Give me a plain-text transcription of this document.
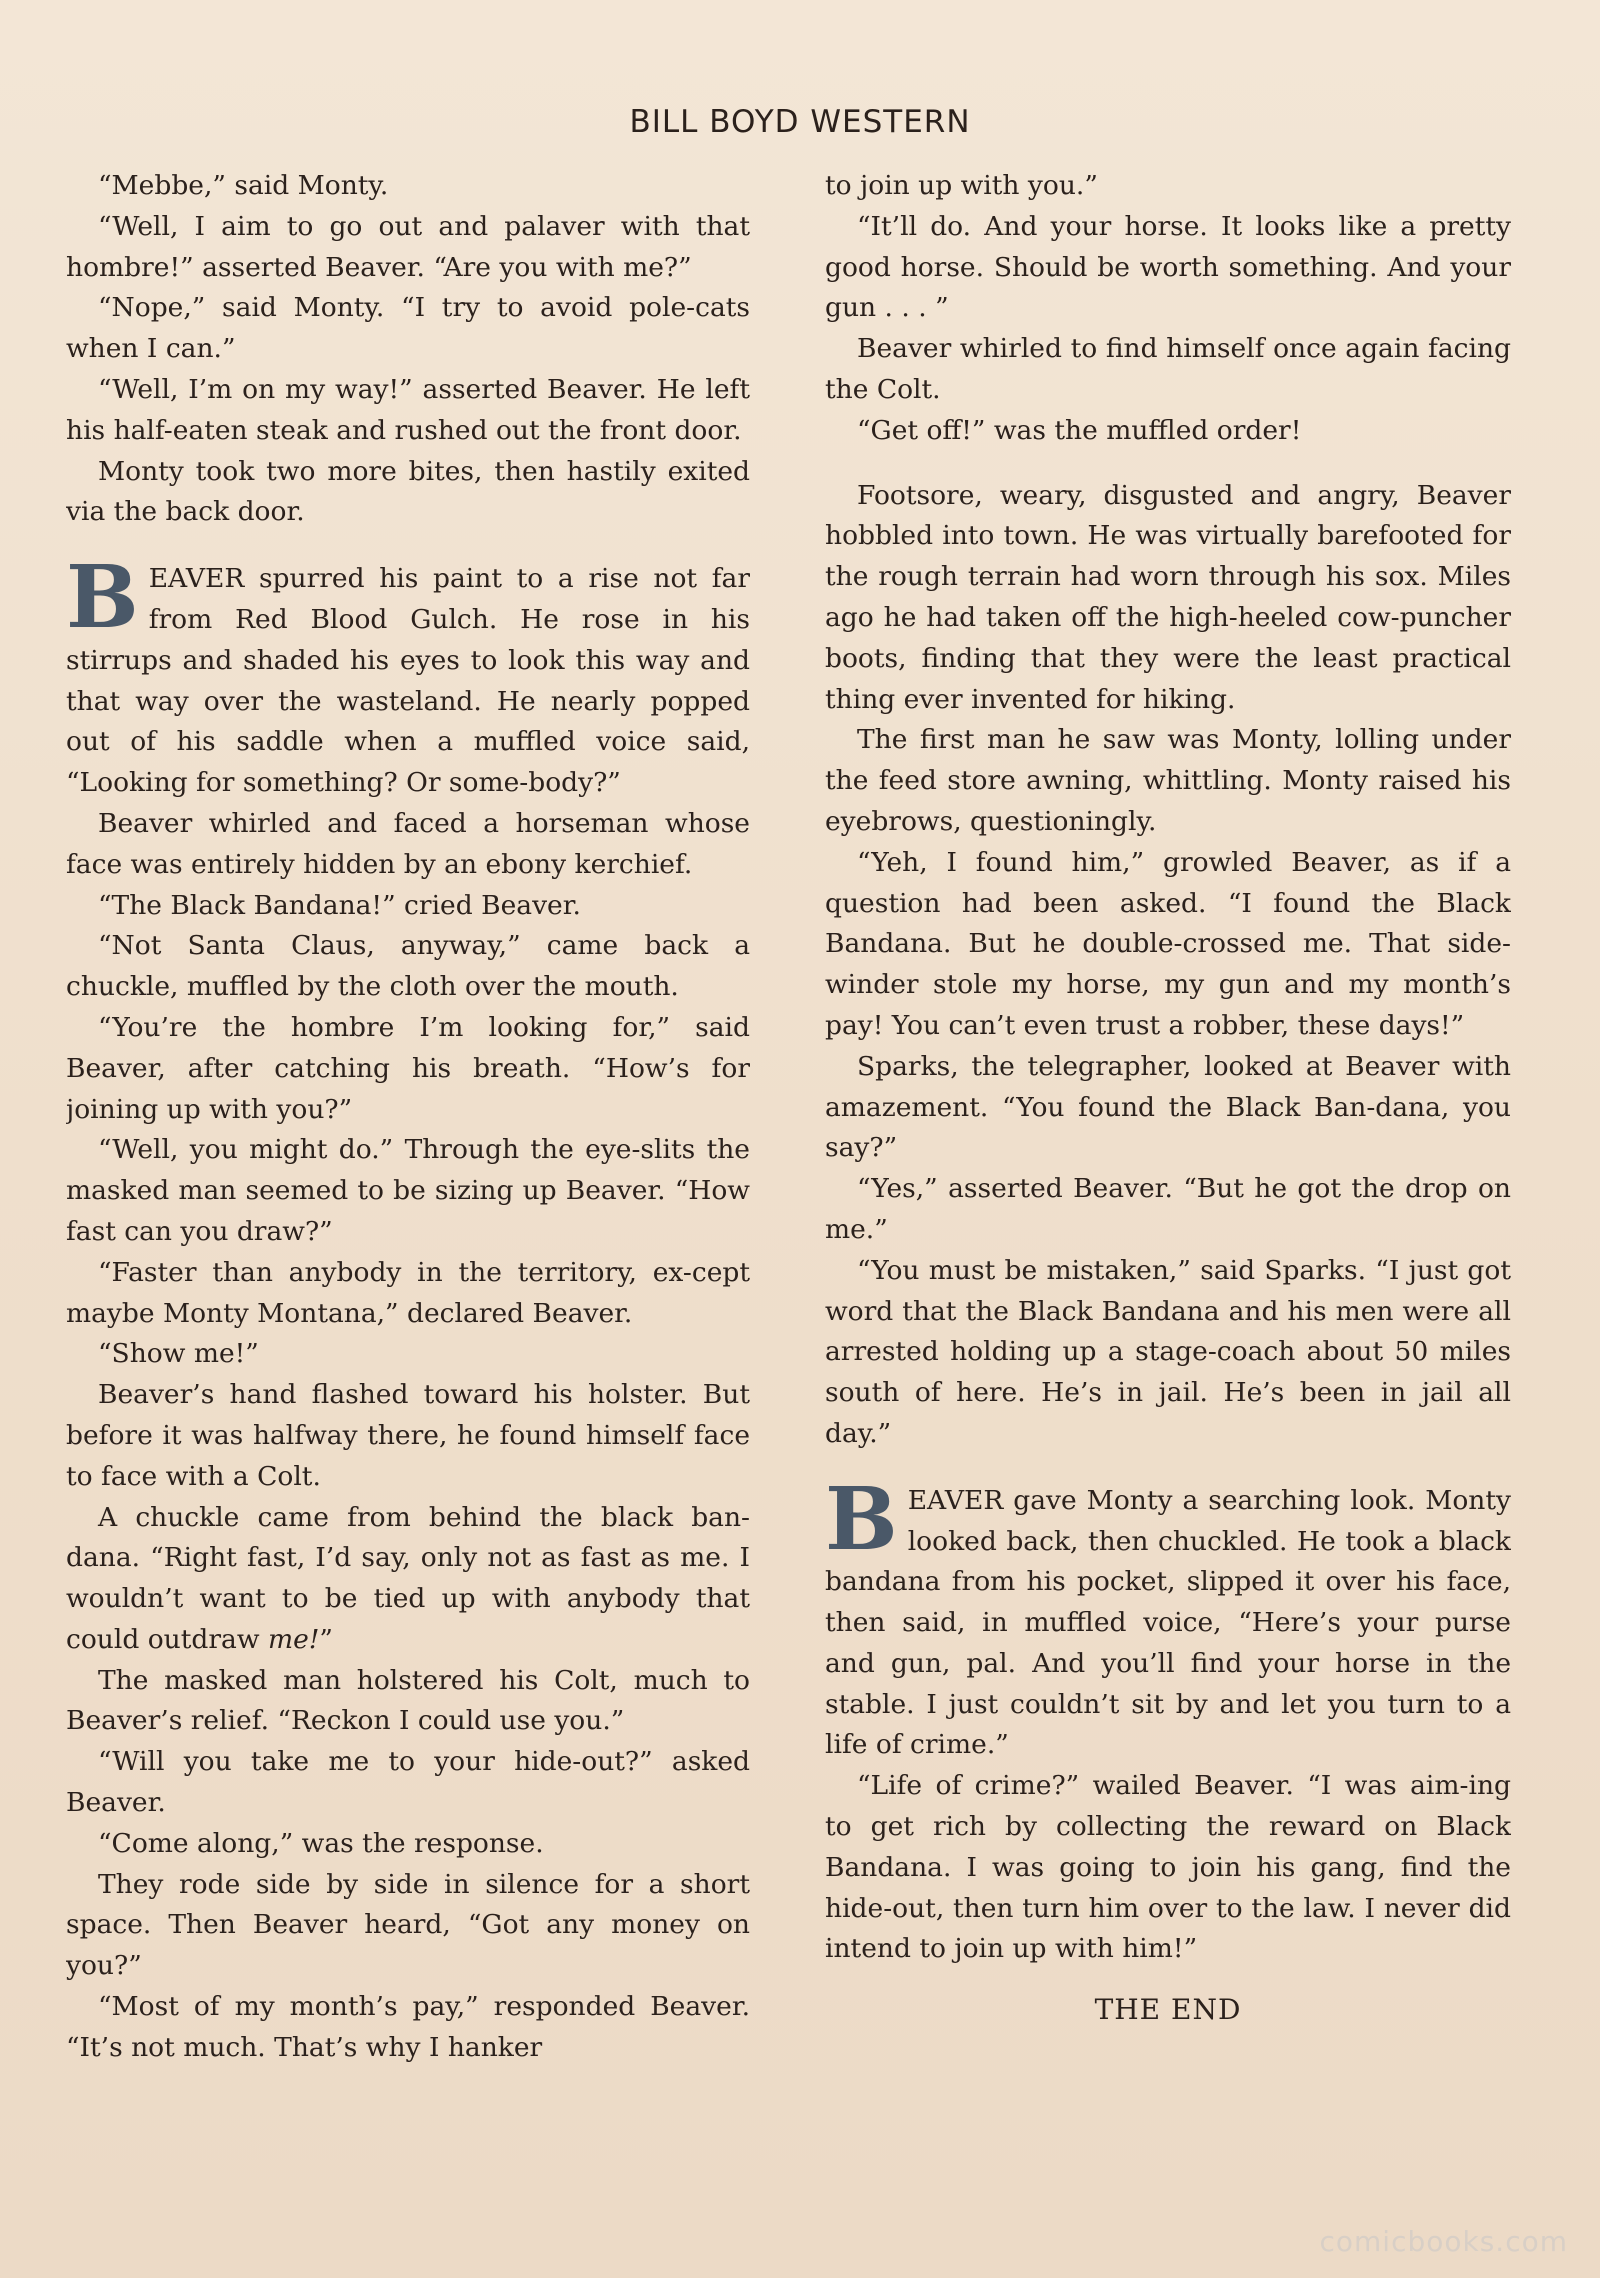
BILL BOYD WESTERN

“Mebbe,” said Monty.

“Well, I aim to go out and palaver with that hombre!” asserted Beaver. “Are you with me?”

“Nope,” said Monty. “I try to avoid pole-cats when I can.”

“Well, I’m on my way!” asserted Beaver. He left his half-eaten steak and rushed out the front door.

Monty took two more bites, then hastily exited via the back door.

BEAVER spurred his paint to a rise not far from Red Blood Gulch. He rose in his stirrups and shaded his eyes to look this way and that way over the wasteland. He nearly popped out of his saddle when a muffled voice said, “Looking for something? Or some-body?”

Beaver whirled and faced a horseman whose face was entirely hidden by an ebony kerchief.

“The Black Bandana!” cried Beaver.

“Not Santa Claus, anyway,” came back a chuckle, muffled by the cloth over the mouth.

“You’re the hombre I’m looking for,” said Beaver, after catching his breath. “How’s for joining up with you?”

“Well, you might do.” Through the eye-slits the masked man seemed to be sizing up Beaver. “How fast can you draw?”

“Faster than anybody in the territory, ex-cept maybe Monty Montana,” declared Beaver.

“Show me!”

Beaver’s hand flashed toward his holster. But before it was halfway there, he found himself face to face with a Colt.

A chuckle came from behind the black ban-dana. “Right fast, I’d say, only not as fast as me. I wouldn’t want to be tied up with anybody that could outdraw me!”

The masked man holstered his Colt, much to Beaver’s relief. “Reckon I could use you.”

“Will you take me to your hide-out?” asked Beaver.

“Come along,” was the response.

They rode side by side in silence for a short space. Then Beaver heard, “Got any money on you?”

“Most of my month’s pay,” responded Beaver. “It’s not much. That’s why I hanker

to join up with you.”

“It’ll do. And your horse. It looks like a pretty good horse. Should be worth something. And your gun . . . ”

Beaver whirled to find himself once again facing the Colt.

“Get off!” was the muffled order!

Footsore, weary, disgusted and angry, Beaver hobbled into town. He was virtually barefooted for the rough terrain had worn through his sox. Miles ago he had taken off the high-heeled cow-puncher boots, finding that they were the least practical thing ever invented for hiking.

The first man he saw was Monty, lolling under the feed store awning, whittling. Monty raised his eyebrows, questioningly.

“Yeh, I found him,” growled Beaver, as if a question had been asked. “I found the Black Bandana. But he double-crossed me. That side-winder stole my horse, my gun and my month’s pay! You can’t even trust a robber, these days!”

Sparks, the telegrapher, looked at Beaver with amazement. “You found the Black Ban-dana, you say?”

“Yes,” asserted Beaver. “But he got the drop on me.”

“You must be mistaken,” said Sparks. “I just got word that the Black Bandana and his men were all arrested holding up a stage-coach about 50 miles south of here. He’s in jail. He’s been in jail all day.”

BEAVER gave Monty a searching look. Monty looked back, then chuckled. He took a black bandana from his pocket, slipped it over his face, then said, in muffled voice, “Here’s your purse and gun, pal. And you’ll find your horse in the stable. I just couldn’t sit by and let you turn to a life of crime.”

“Life of crime?” wailed Beaver. “I was aim-ing to get rich by collecting the reward on Black Bandana. I was going to join his gang, find the hide-out, then turn him over to the law. I never did intend to join up with him!”

THE END
comicbooks.com
